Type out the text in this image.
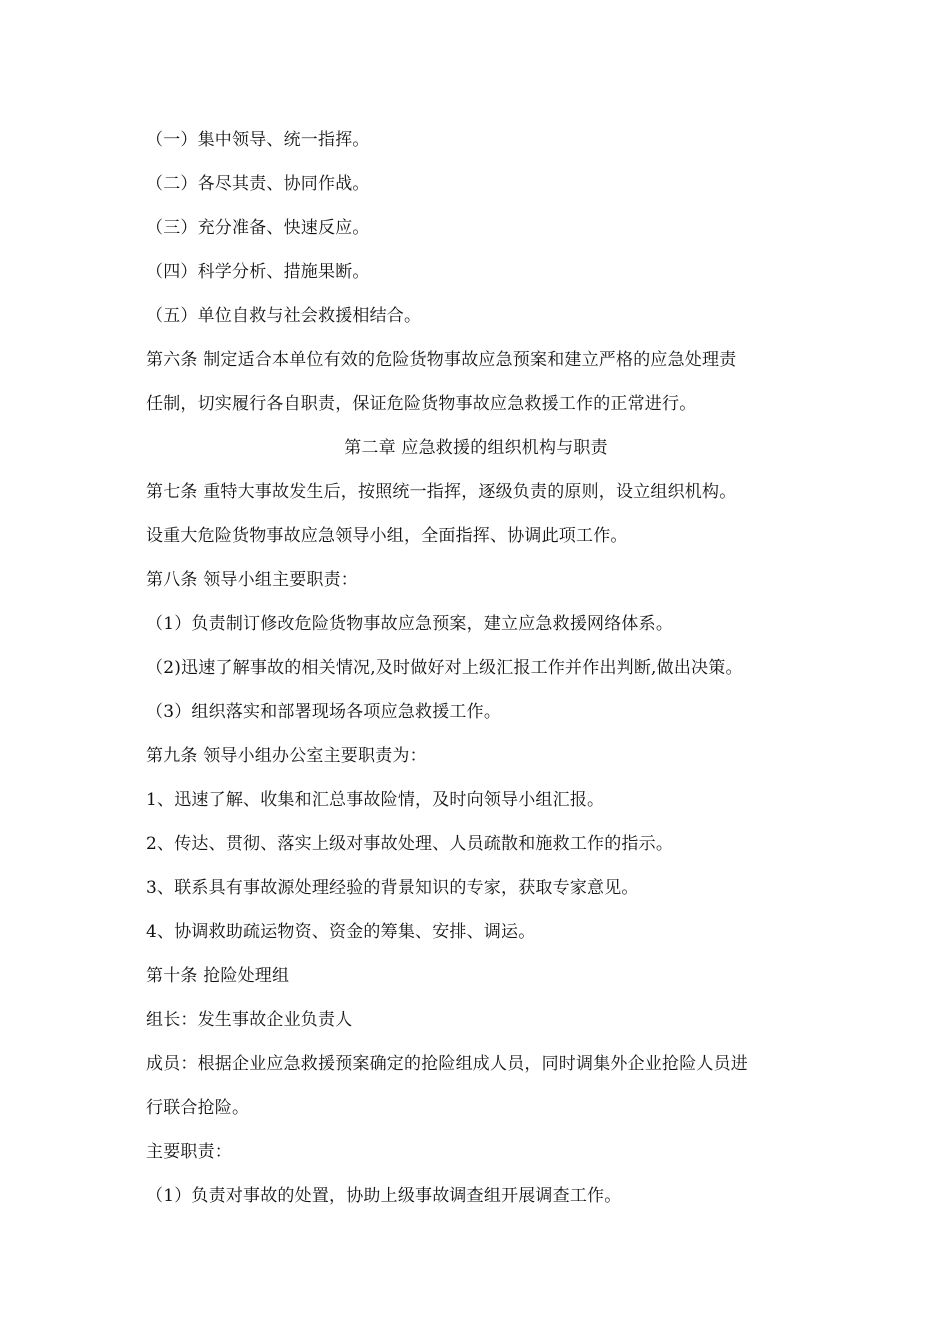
（一）集中领导、统一指挥。
（二）各尽其责、协同作战。
（三）充分准备、快速反应。
（四）科学分析、措施果断。
（五）单位自救与社会救援相结合。
第六条 制定适合本单位有效的危险货物事故应急预案和建立严格的应急处理责
任制，切实履行各自职责，保证危险货物事故应急救援工作的正常进行。
第二章 应急救援的组织机构与职责
第七条 重特大事故发生后，按照统一指挥，逐级负责的原则，设立组织机构。
设重大危险货物事故应急领导小组，全面指挥、协调此项工作。
第八条 领导小组主要职责：
（1）负责制订修改危险货物事故应急预案，建立应急救援网络体系。
（2)迅速了解事故的相关情况,及时做好对上级汇报工作并作出判断,做出决策。
（3）组织落实和部署现场各项应急救援工作。
第九条 领导小组办公室主要职责为：
1、迅速了解、收集和汇总事故险情，及时向领导小组汇报。
2、传达、贯彻、落实上级对事故处理、人员疏散和施救工作的指示。
3、联系具有事故源处理经验的背景知识的专家，获取专家意见。
4、协调救助疏运物资、资金的筹集、安排、调运。
第十条 抢险处理组
组长：发生事故企业负责人
成员：根据企业应急救援预案确定的抢险组成人员，同时调集外企业抢险人员进
行联合抢险。
主要职责：
（1）负责对事故的处置，协助上级事故调查组开展调查工作。
